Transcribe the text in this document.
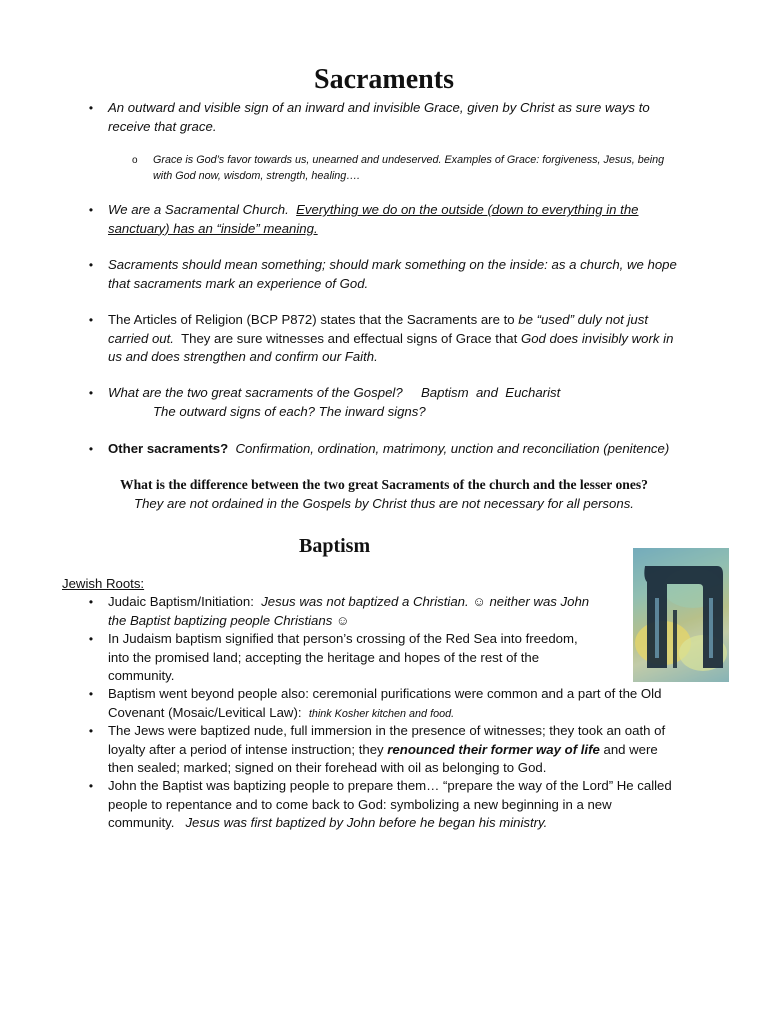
Sacraments
•	An outward and visible sign of an inward and invisible Grace, given by Christ as sure ways to
receive that grace.
o Grace is God’s favor towards us, unearned and undeserved. Examples of Grace: forgiveness, Jesus, being
with God now, wisdom, strength, healing….
•	We are a Sacramental Church. Everything we do on the outside (down to everything in the
sanctuary) has an “inside” meaning.
•	Sacraments should mean something; should mark something on the inside: as a church, we hope
that sacraments mark an experience of God.
•	The Articles of Religion (BCP P872) states that the Sacraments are to be “used” duly not just
carried out. They are sure witnesses and effectual signs of Grace that God does invisibly work in
us and does strengthen and confirm our Faith.
•	What are the two great sacraments of the Gospel?     Baptism  and  Eucharist
The outward signs of each? The inward signs?
•	Other sacraments? Confirmation, ordination, matrimony, unction and reconciliation (penitence)
What is the difference between the two great Sacraments of the church and the lesser ones?
They are not ordained in the Gospels by Christ thus are not necessary for all persons.
Baptism
Jewish Roots:
•	Judaic Baptism/Initiation: Jesus was not baptized a Christian. ☺ neither was John
the Baptist baptizing people Christians ☺
•	In Judaism baptism signified that person’s crossing of the Red Sea into freedom,
into the promised land; accepting the heritage and hopes of the rest of the
community.
•	Baptism went beyond people also: ceremonial purifications were common and a part of the Old
Covenant (Mosaic/Levitical Law): think Kosher kitchen and food.
•	The Jews were baptized nude, full immersion in the presence of witnesses; they took an oath of
loyalty after a period of intense instruction; they renounced their former way of life and were
then sealed; marked; signed on their forehead with oil as belonging to God.
•	John the Baptist was baptizing people to prepare them… “prepare the way of the Lord” He called
people to repentance and to come back to God: symbolizing a new beginning in a new
community. Jesus was first baptized by John before he began his ministry.
